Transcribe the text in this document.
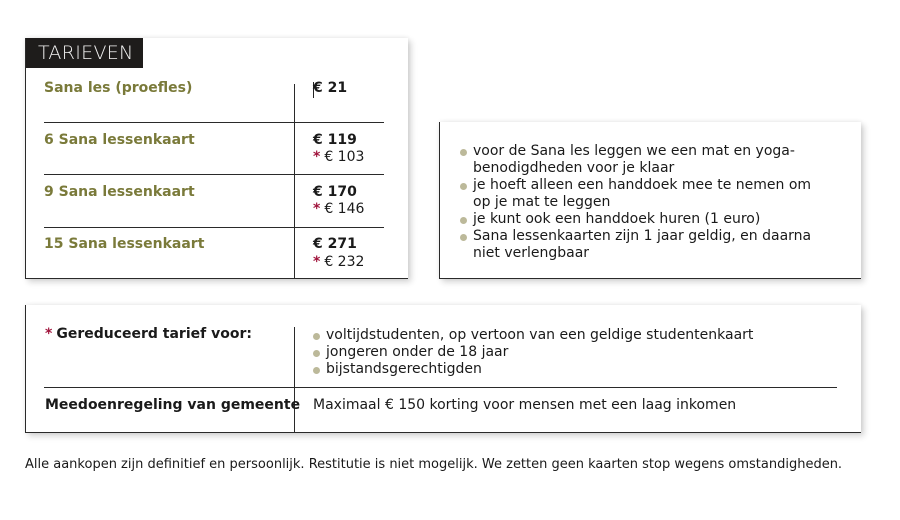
TARIEVEN
Sana les (proefles)	€ 21
6 Sana lessenkaart	€ 119
* € 103
9 Sana lessenkaart	€ 170
* € 146
15 Sana lessenkaart	€ 271
* € 232
voor de Sana les leggen we een mat en yoga-benodigdheden voor je klaar
je hoeft alleen een handdoek mee te nemen om op je mat te leggen
je kunt ook een handdoek huren (1 euro)
Sana lessenkaarten zijn 1 jaar geldig, en daarna niet verlengbaar
* Gereduceerd tarief voor:	voltijdstudenten, op vertoon van een geldige studentenkaart
jongeren onder de 18 jaar
bijstandsgerechtigden
Meedoenregeling van gemeente Maximaal € 150 korting voor mensen met een laag inkomen
Alle aankopen zijn definitief en persoonlijk. Restitutie is niet mogelijk. We zetten geen kaarten stop wegens omstandigheden.
